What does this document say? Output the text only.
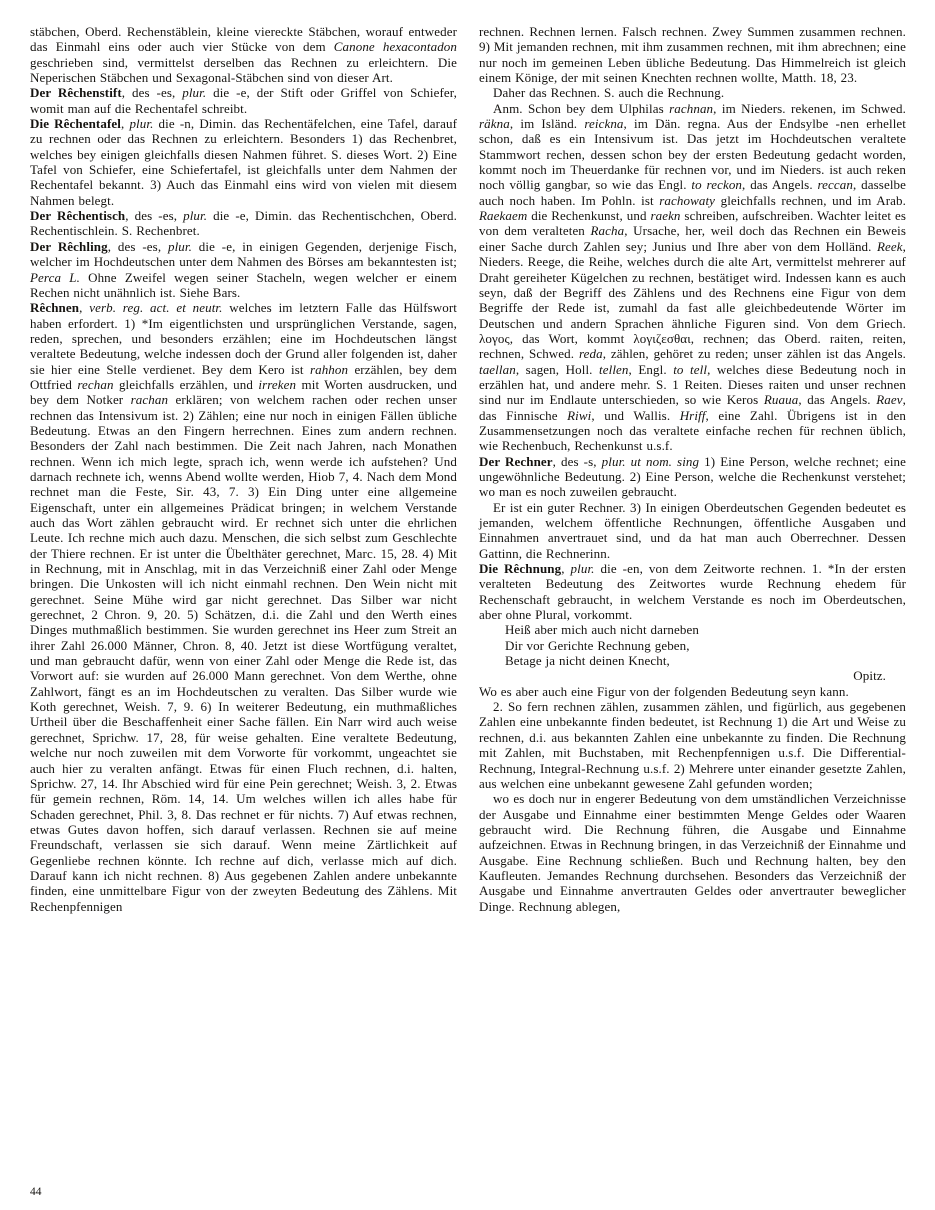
stäbchen, Oberd. Rechenstäblein, kleine viereckte Stäbchen, worauf entweder das Einmahl eins oder auch vier Stücke von dem Canone hexacontadon geschrieben sind, vermittelst derselben das Rechnen zu erleichtern. Die Neperischen Stäbchen und Sexagonal-Stäbchen sind von dieser Art.

Der Rêchenstift, des -es, plur. die -e, der Stift oder Griffel von Schiefer, womit man auf die Rechentafel schreibt.

Die Rêchentafel, plur. die -n, Dimin. das Rechentäfelchen, eine Tafel, darauf zu rechnen oder das Rechnen zu erleichtern. Besonders 1) das Rechenbret, welches bey einigen gleichfalls diesen Nahmen führet. S. dieses Wort. 2) Eine Tafel von Schiefer, eine Schiefertafel, ist gleichfalls unter dem Nahmen der Rechentafel bekannt. 3) Auch das Einmahl eins wird von vielen mit diesem Nahmen belegt.

Der Rêchentisch, des -es, plur. die -e, Dimin. das Rechentischchen, Oberd. Rechentischlein. S. Rechenbret.

Der Rêchling, des -es, plur. die -e, in einigen Gegenden, derjenige Fisch, welcher im Hochdeutschen unter dem Nahmen des Börses am bekanntesten ist; Perca L. Ohne Zweifel wegen seiner Stacheln, wegen welcher er einem Rechen nicht unähnlich ist. Siehe Bars.

Rêchnen, verb. reg. act. et neutr. welches im letztern Falle das Hülfswort haben erfordert. 1) *Im eigentlichsten und ursprünglichen Verstande, sagen, reden, sprechen, und besonders erzählen; eine im Hochdeutschen längst veraltete Bedeutung, welche indessen doch der Grund aller folgenden ist, daher sie hier eine Stelle verdienet. Bey dem Kero ist rahhon erzählen, bey dem Ottfried rechan gleichfalls erzählen, und irreken mit Worten ausdrucken, und bey dem Notker rachan erklären; von welchem rachen oder rechen unser rechnen das Intensivum ist. 2) Zählen; eine nur noch in einigen Fällen übliche Bedeutung. Etwas an den Fingern herrechnen. Eines zum andern rechnen. Besonders der Zahl nach bestimmen. Die Zeit nach Jahren, nach Monathen rechnen. Wenn ich mich legte, sprach ich, wenn werde ich aufstehen? Und darnach rechnete ich, wenns Abend wollte werden, Hiob 7, 4. Nach dem Mond rechnet man die Feste, Sir. 43, 7. 3) Ein Ding unter eine allgemeine Eigenschaft, unter ein allgemeines Prädicat bringen; in welchem Verstande auch das Wort zählen gebraucht wird. Er rechnet sich unter die ehrlichen Leute. Ich rechne mich auch dazu. Menschen, die sich selbst zum Geschlechte der Thiere rechnen. Er ist unter die Übelthäter gerechnet, Marc. 15, 28. 4) Mit in Rechnung, mit in Anschlag, mit in das Verzeichniß einer Zahl oder Menge bringen. Die Unkosten will ich nicht einmahl rechnen. Den Wein nicht mit gerechnet. Seine Mühe wird gar nicht gerechnet. Das Silber war nicht gerechnet, 2 Chron. 9, 20. 5) Schätzen, d.i. die Zahl und den Werth eines Dinges muthmaßlich bestimmen. Sie wurden gerechnet ins Heer zum Streit an ihrer Zahl 26.000 Männer, Chron. 8, 40. Jetzt ist diese Wortfügung veraltet, und man gebraucht dafür, wenn von einer Zahl oder Menge die Rede ist, das Vorwort auf: sie wurden auf 26.000 Mann gerechnet. Von dem Werthe, ohne Zahlwort, fängt es an im Hochdeutschen zu veralten. Das Silber wurde wie Koth gerechnet, Weish. 7, 9. 6) In weiterer Bedeutung, ein muthmaßliches Urtheil über die Beschaffenheit einer Sache fällen. Ein Narr wird auch weise gerechnet, Sprichw. 17, 28, für weise gehalten. Eine veraltete Bedeutung, welche nur noch zuweilen mit dem Vorworte für vorkommt, ungeachtet sie auch hier zu veralten anfängt. Etwas für einen Fluch rechnen, d.i. halten, Sprichw. 27, 14. Ihr Abschied wird für eine Pein gerechnet; Weish. 3, 2. Etwas für gemein rechnen, Röm. 14, 14. Um welches willen ich alles habe für Schaden gerechnet, Phil. 3, 8. Das rechnet er für nichts. 7) Auf etwas rechnen, etwas Gutes davon hoffen, sich darauf verlassen. Rechnen sie auf meine Freundschaft, verlassen sie sich darauf. Wenn meine Zärtlichkeit auf Gegenliebe rechnen könnte. Ich rechne auf dich, verlasse mich auf dich. Darauf kann ich nicht rechnen. 8) Aus gegebenen Zahlen andere unbekannte finden, eine unmittelbare Figur von der zweyten Bedeutung des Zählens. Mit Rechenpfennigen

rechnen. Rechnen lernen. Falsch rechnen. Zwey Summen zusammen rechnen. 9) Mit jemanden rechnen, mit ihm zusammen rechnen, mit ihm abrechnen; eine nur noch im gemeinen Leben übliche Bedeutung. Das Himmelreich ist gleich einem Könige, der mit seinen Knechten rechnen wollte, Matth. 18, 23.

Daher das Rechnen. S. auch die Rechnung.

Anm. Schon bey dem Ulphilas rachnan, im Nieders. rekenen, im Schwed. räkna, im Isländ. reickna, im Dän. regna. Aus der Endsylbe -nen erhellet schon, daß es ein Intensivum ist. Das jetzt im Hochdeutschen veraltete Stammwort rechen, dessen schon bey der ersten Bedeutung gedacht worden, kommt noch im Theuerdanke für rechnen vor, und im Nieders. ist auch reken noch völlig gangbar, so wie das Engl. to reckon, das Angels. reccan, dasselbe auch noch haben. Im Pohln. ist rachowaty gleichfalls rechnen, und im Arab. Raekaem die Rechenkunst, und raekn schreiben, aufschreiben. Wachter leitet es von dem veralteten Racha, Ursache, her, weil doch das Rechnen ein Beweis einer Sache durch Zahlen sey; Junius und Ihre aber von dem Holländ. Reek, Nieders. Reege, die Reihe, welches durch die alte Art, vermittelst mehrerer auf Draht gereiheter Kügelchen zu rechnen, bestätiget wird. Indessen kann es auch seyn, daß der Begriff des Zählens und des Rechnens eine Figur von dem Begriffe der Rede ist, zumahl da fast alle gleichbedeutende Wörter im Deutschen und andern Sprachen ähnliche Figuren sind. Von dem Griech. λογος, das Wort, kommt λογιζεσθαι, rechnen; das Oberd. raiten, reiten, rechnen, Schwed. reda, zählen, gehöret zu reden; unser zählen ist das Angels. taellan, sagen, Holl. tellen, Engl. to tell, welches diese Bedeutung noch in erzählen hat, und andere mehr. S. 1 Reiten. Dieses raiten und unser rechnen sind nur im Endlaute unterschieden, so wie Keros Ruaua, das Angels. Raev, das Finnische Riwi, und Wallis. Hriff, eine Zahl. Übrigens ist in den Zusammensetzungen noch das veraltete einfache rechen für rechnen üblich, wie Rechenbuch, Rechenkunst u.s.f.

Der Rechner, des -s, plur. ut nom. sing 1) Eine Person, welche rechnet; eine ungewöhnliche Bedeutung. 2) Eine Person, welche die Rechenkunst verstehet; wo man es noch zuweilen gebraucht.

Er ist ein guter Rechner. 3) In einigen Oberdeutschen Gegenden bedeutet es jemanden, welchem öffentliche Rechnungen, öffentliche Ausgaben und Einnahmen anvertrauet sind, und da hat man auch Oberrechner. Dessen Gattinn, die Rechnerinn.

Die Rêchnung, plur. die -en, von dem Zeitworte rechnen. 1. *In der ersten veralteten Bedeutung des Zeitwortes wurde Rechnung ehedem für Rechenschaft gebraucht, in welchem Verstande es noch im Oberdeutschen, aber ohne Plural, vorkommt.

Heiß aber mich auch nicht darneben

Dir vor Gerichte Rechnung geben,

Betage ja nicht deinen Knecht,

Opitz.

Wo es aber auch eine Figur von der folgenden Bedeutung seyn kann.

2. So fern rechnen zählen, zusammen zählen, und figürlich, aus gegebenen Zahlen eine unbekannte finden bedeutet, ist Rechnung 1) die Art und Weise zu rechnen, d.i. aus bekannten Zahlen eine unbekannte zu finden. Die Rechnung mit Zahlen, mit Buchstaben, mit Rechenpfennigen u.s.f. Die Differential-Rechnung, Integral-Rechnung u.s.f. 2) Mehrere unter einander gesetzte Zahlen, aus welchen eine unbekannt gewesene Zahl gefunden worden;

wo es doch nur in engerer Bedeutung von dem umständlichen Verzeichnisse der Ausgabe und Einnahme einer bestimmten Menge Geldes oder Waaren gebraucht wird. Die Rechnung führen, die Ausgabe und Einnahme aufzeichnen. Etwas in Rechnung bringen, in das Verzeichniß der Einnahme und Ausgabe. Eine Rechnung schließen. Buch und Rechnung halten, bey den Kaufleuten. Jemandes Rechnung durchsehen. Besonders das Verzeichniß der Ausgabe und Einnahme anvertrauten Geldes oder anvertrauter beweglicher Dinge. Rechnung ablegen,

44
